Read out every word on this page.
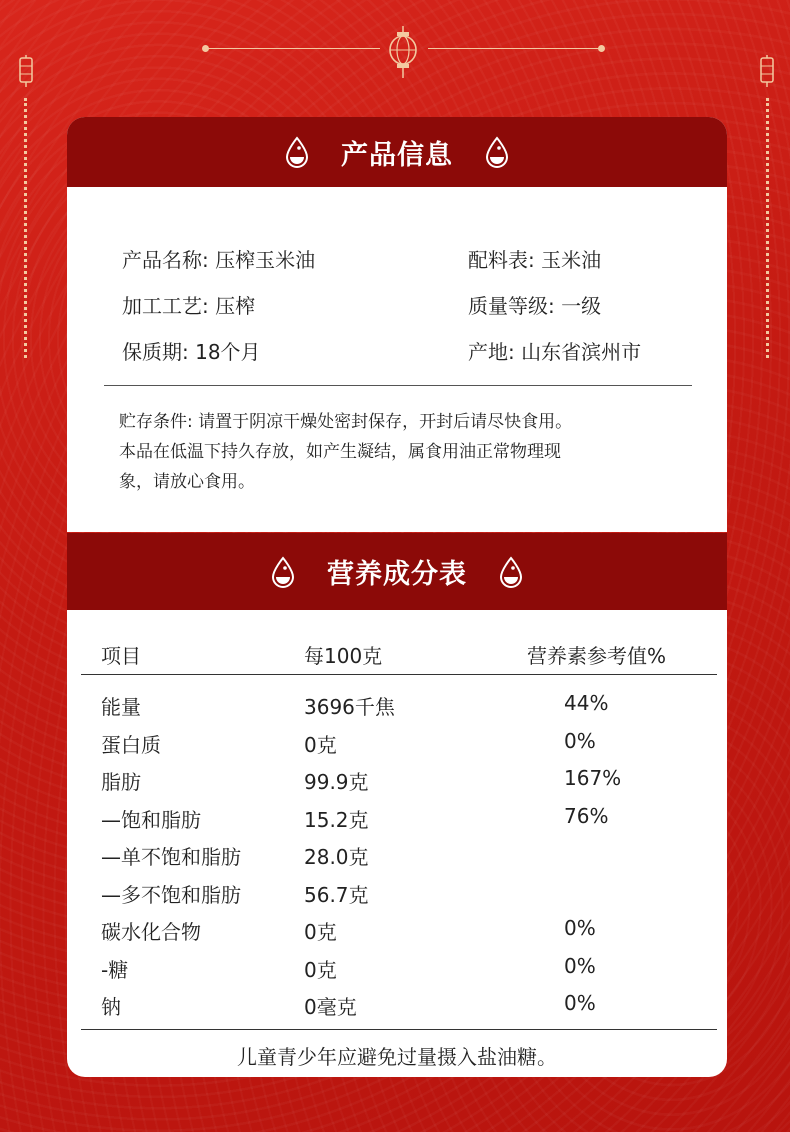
产品信息
产品名称: 压榨玉米油	配料表: 玉米油
加工工艺: 压榨	质量等级: 一级
保质期: 18个月	产地: 山东省滨州市
贮存条件: 请置于阴凉干燥处密封保存，开封后请尽快食用。
本品在低温下持久存放，如产生凝结，属食用油正常物理现
象，请放心食用。
营养成分表
项目	每100克	营养素参考值%
能量	3696千焦	44%
蛋白质	0克	0%
脂肪	99.9克	167%
—饱和脂肪	15.2克	76%
—单不饱和脂肪	28.0克
—多不饱和脂肪	56.7克
碳水化合物	0克	0%
-糖	0克	0%
钠	0毫克	0%
儿童青少年应避免过量摄入盐油糖。
